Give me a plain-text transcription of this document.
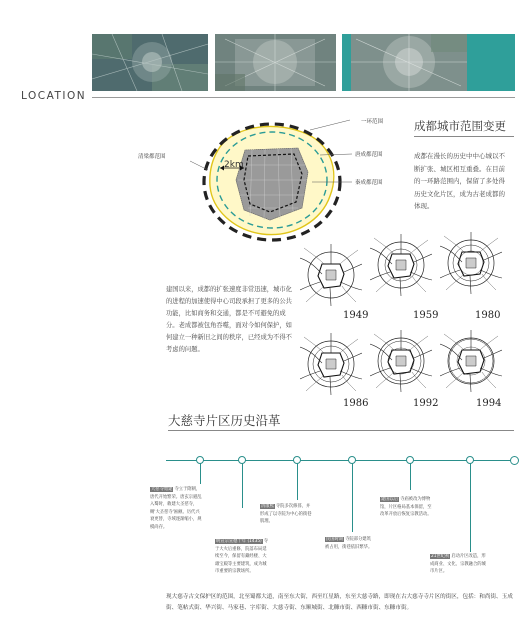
LOCATION
一环范围
清梁都范围	唐成都范围
秦成都范围
2km
成都城市范围变更
成都在漫长的历史中中心城以不断扩张、城区相互重叠。在目前的一环路范围内，保留了多处得历史文化片区，成为古老成都的体现。
建国以来，成都的扩张速度非常迅速，城市化的进程的加速使得中心司段承担了更多的公共功能，比如商务和交通，都是不可避免的成分。老成都被包角吞噬，面对今如何保护，如何建立一种新旧之间的秩序，已经成为不得不考虑的问题。
1949	1959	1980
1986	1992	1994
大慈寺片区历史沿革
大慈寺始建 寺立于隋朝，唐代开始繁荣。唐玄宗避乱入蜀时，敕建大圣慈寺，赐'大圣慈寺'匾额。历代兴衰更替，寺域逐渐缩小，规模尚存。
明宣宗宣德十年 (1435) 寺于大火后重修，院落布局延续至今，保留有藏经楼、大雄宝殿等主要建筑，成为城市重要的宗教场所。
清康熙 寺院多次修葺，并形成了以寺院为中心的街巷肌理。
民国时期 寺院部分建筑被占用，街巷依旧繁华。
建国以后 寺庙被改为博物馆，片区格局基本保留，至改革开放后恢复宗教活动。
21世纪初 启动片区改造，形成商业、文化、宗教融合的城市片区。
现大慈寺古文保护区的范围，北至蜀都大道，南至东大街，西至红星路，东至大慈寺路，即现在古大慈寺寺片区的街区，包括：和尚街、玉成街、笔帖式街、华兴街、马家巷、字库街、大慈寺街、东顺城街、北糠市街、西糠市街、东糠市街。
